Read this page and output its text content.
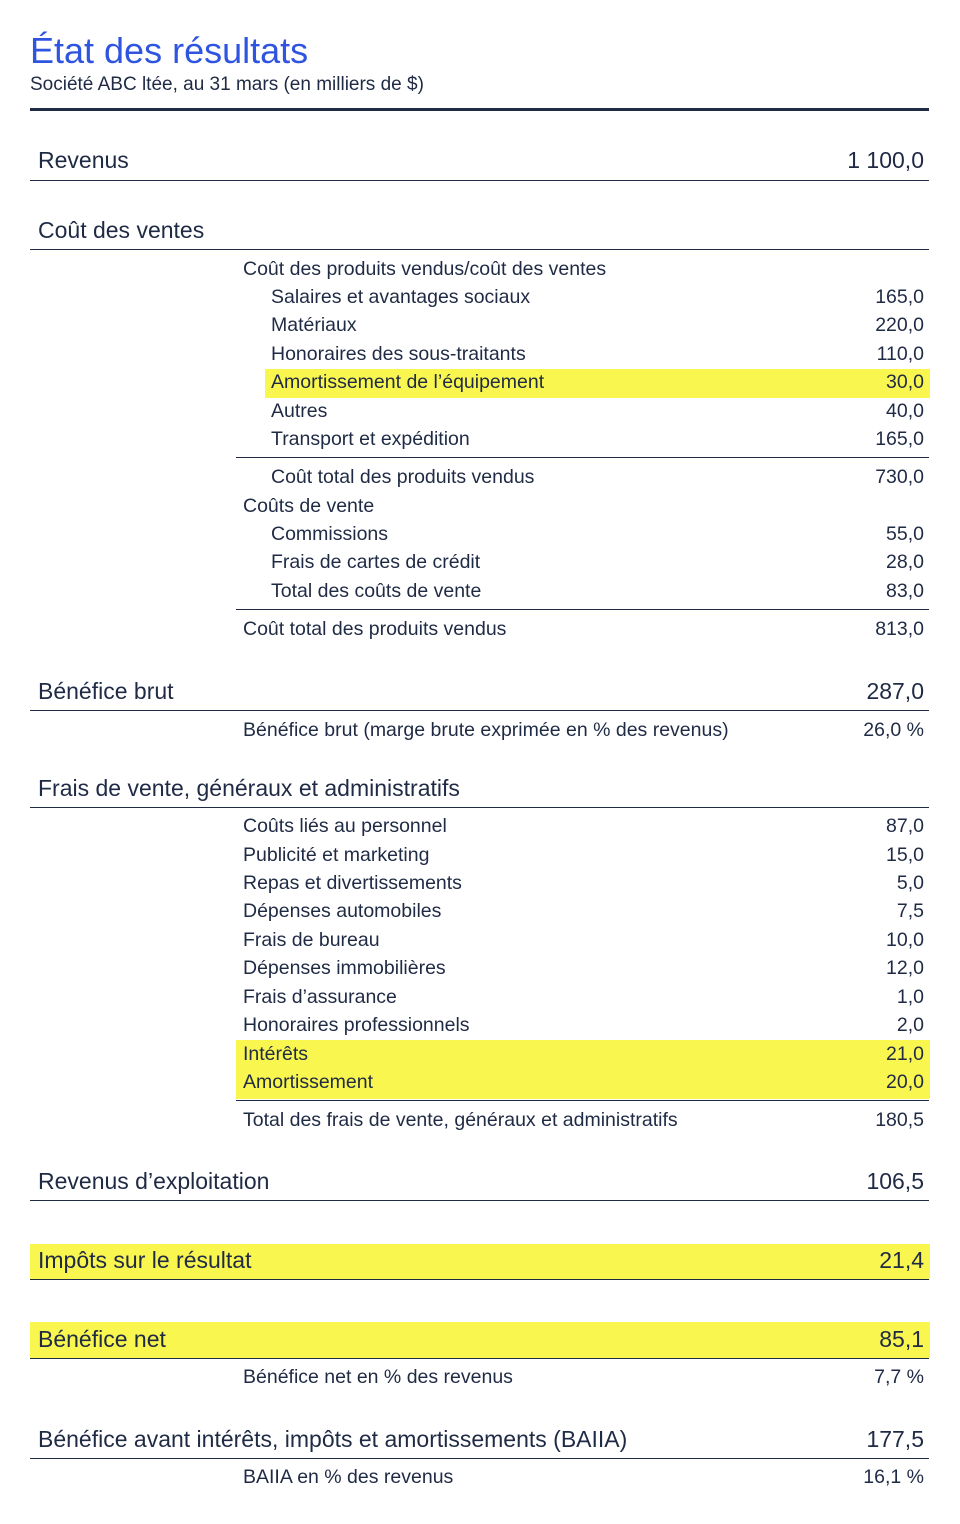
État des résultats
Société ABC ltée, au 31 mars (en milliers de $)
Revenus	1 100,0
Coût des ventes
Coût des produits vendus/coût des ventes
Salaires et avantages sociaux	165,0
Matériaux	220,0
Honoraires des sous-traitants	110,0
Amortissement de l’équipement	30,0
Autres	40,0
Transport et expédition	165,0
Coût total des produits vendus	730,0
Coûts de vente
Commissions	55,0
Frais de cartes de crédit	28,0
Total des coûts de vente	83,0
Coût total des produits vendus	813,0
Bénéfice brut	287,0
Bénéfice brut (marge brute exprimée en % des revenus)	26,0 %
Frais de vente, généraux et administratifs
Coûts liés au personnel	87,0
Publicité et marketing	15,0
Repas et divertissements	5,0
Dépenses automobiles	7,5
Frais de bureau	10,0
Dépenses immobilières	12,0
Frais d’assurance	1,0
Honoraires professionnels	2,0
Intérêts	21,0
Amortissement	20,0
Total des frais de vente, généraux et administratifs	180,5
Revenus d’exploitation	106,5
Impôts sur le résultat	21,4
Bénéfice net	85,1
Bénéfice net en % des revenus	7,7 %
Bénéfice avant intérêts, impôts et amortissements (BAIIA)	177,5
BAIIA en % des revenus	16,1 %
